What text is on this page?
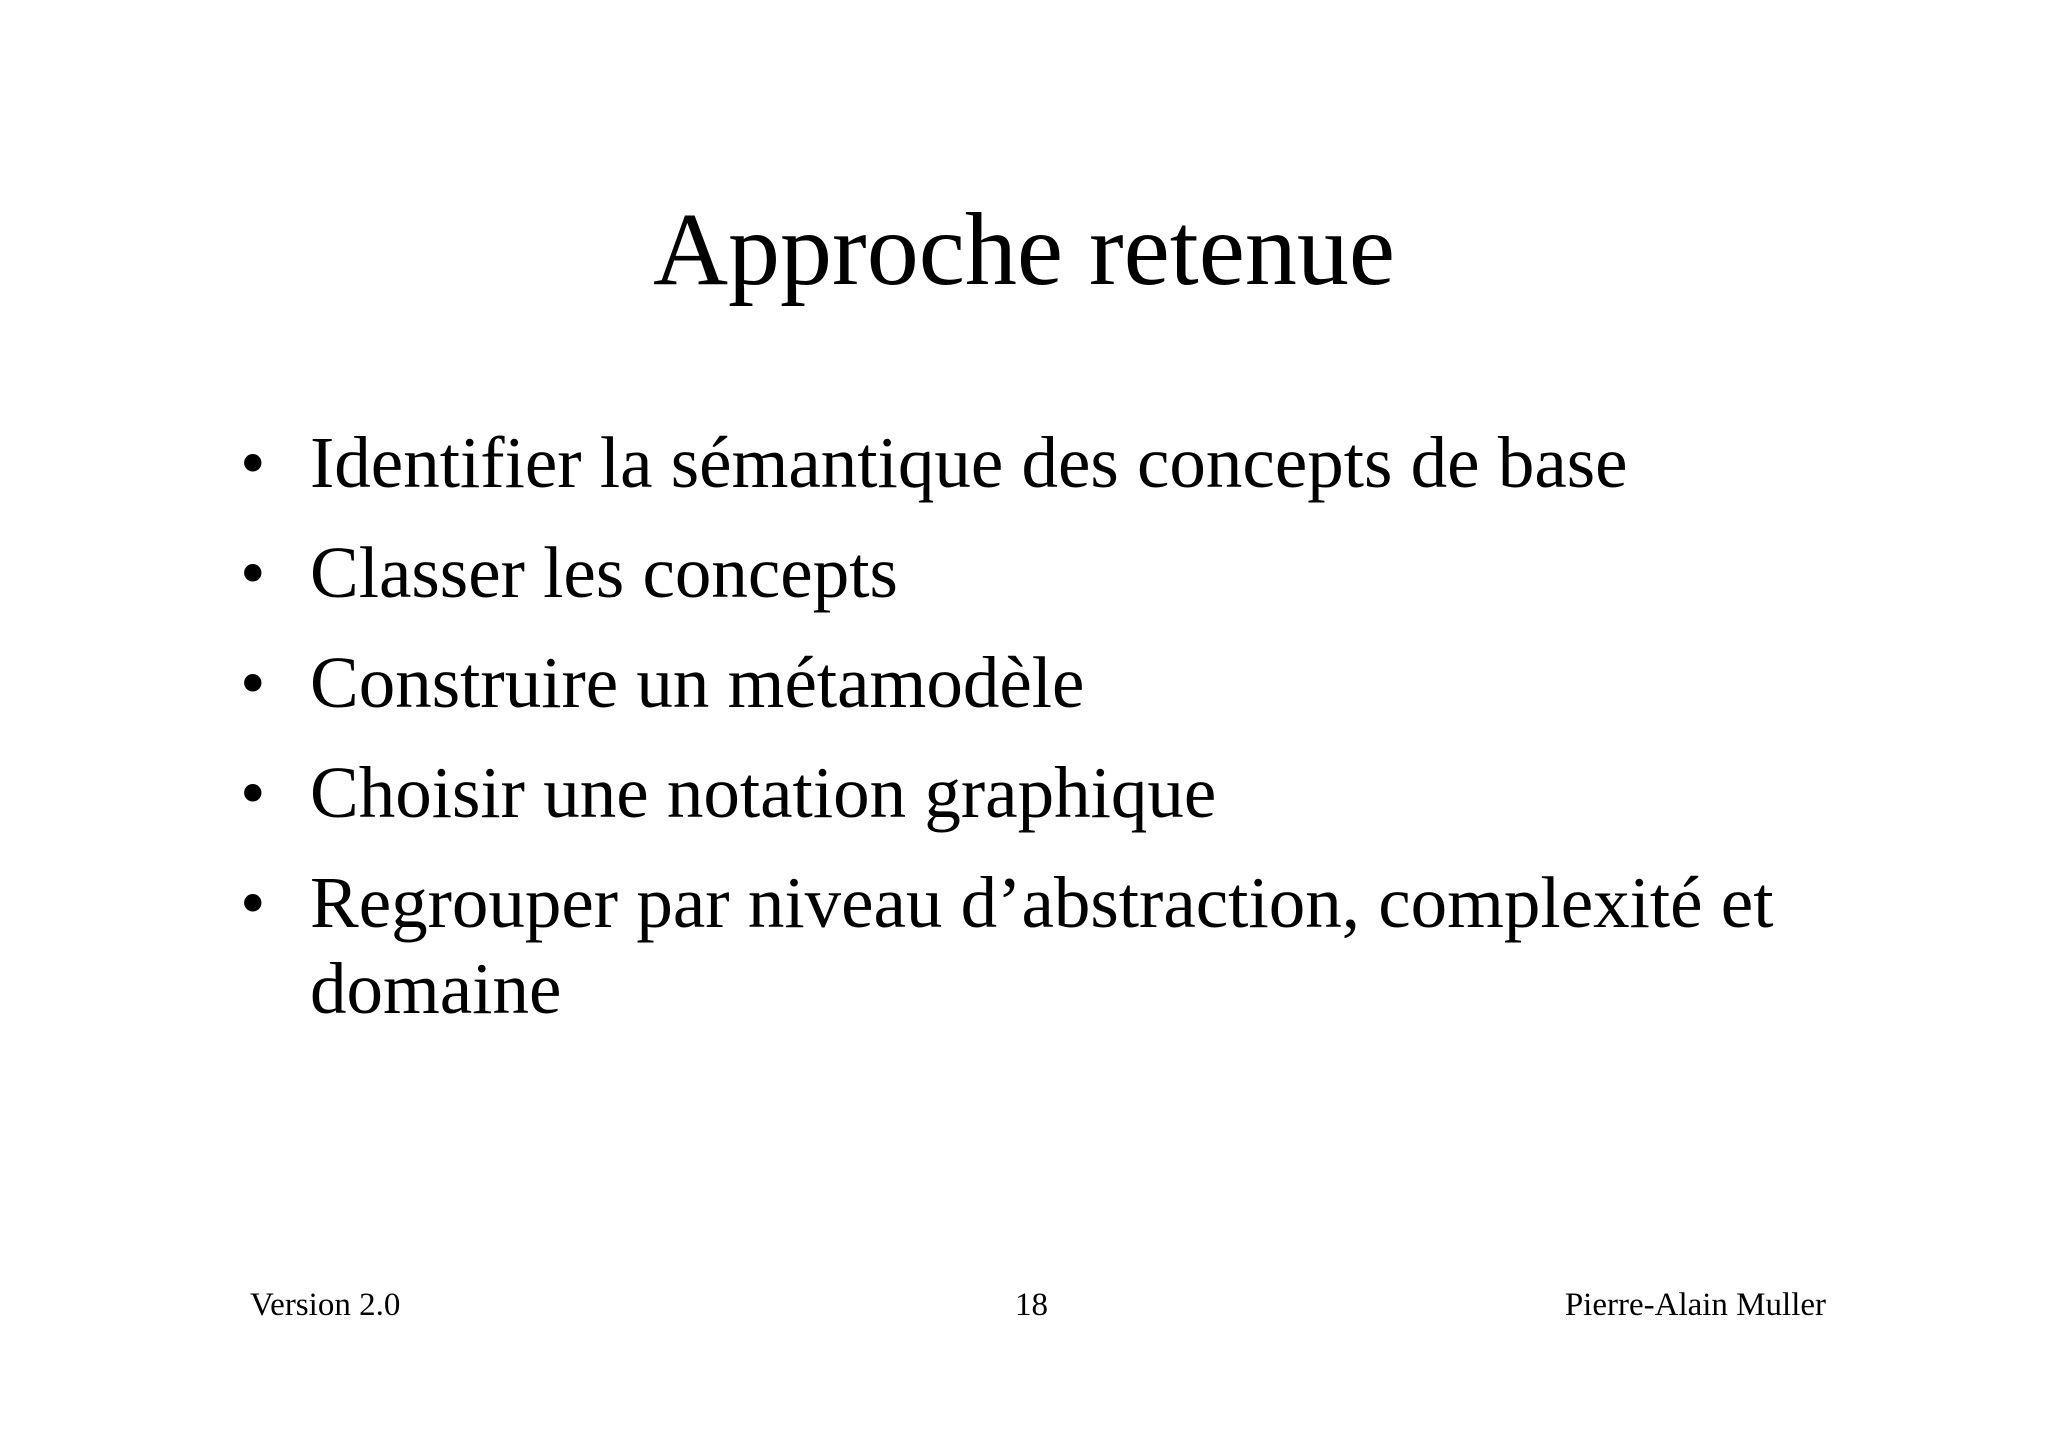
Approche retenue
• Identifier la sémantique des concepts de base
• Classer les concepts
• Construire un métamodèle
• Choisir une notation graphique
• Regrouper par niveau d’abstraction, complexité et domaine
Version 2.0	18	Pierre-Alain Muller
